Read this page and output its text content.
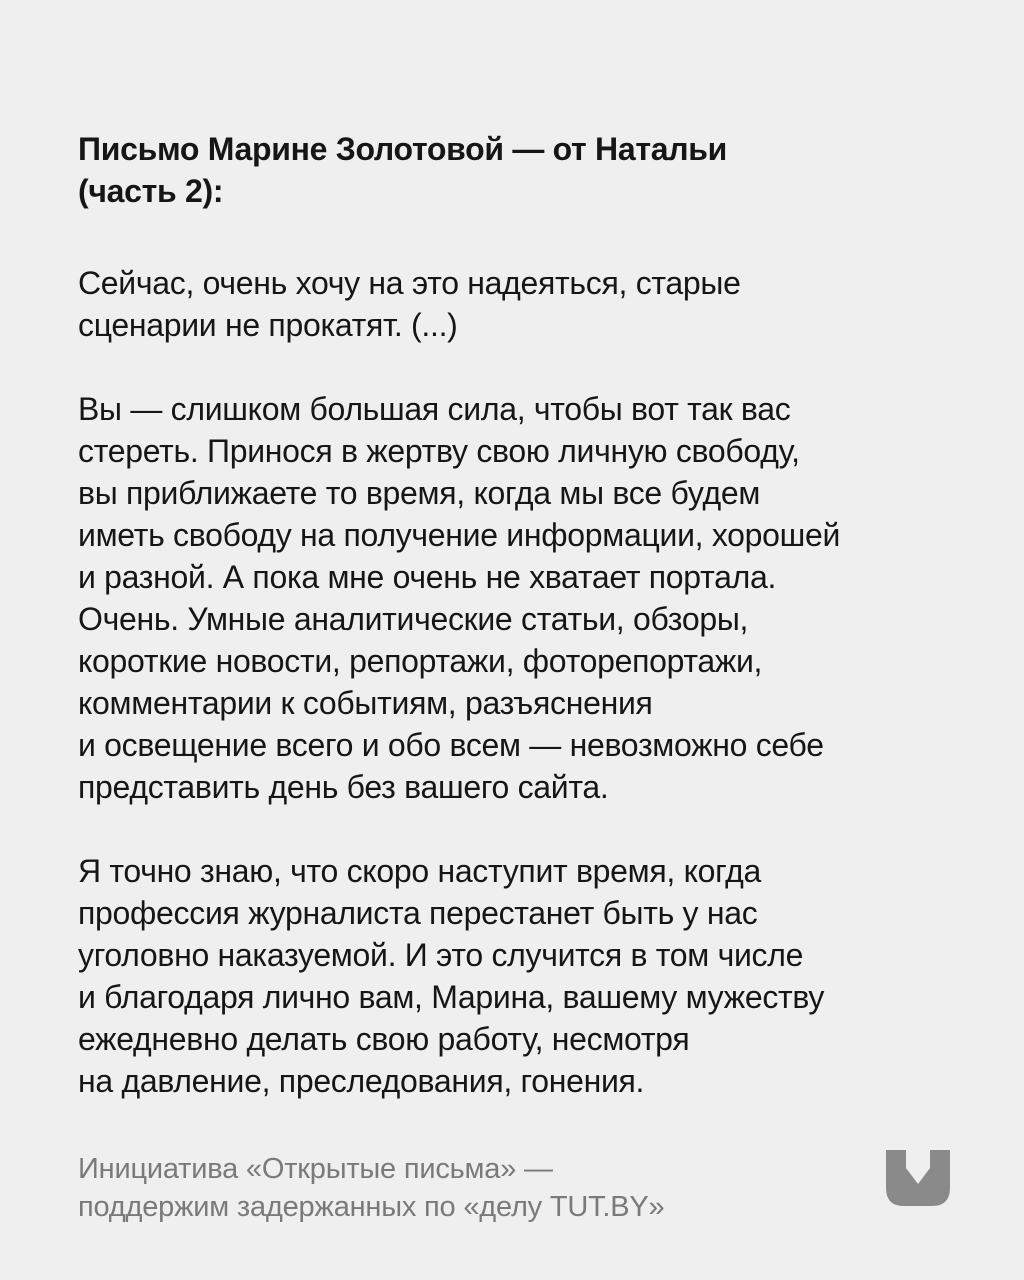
Письмо Марине Золотовой — от Натальи
(часть 2):

Сейчас, очень хочу на это надеяться, старые
сценарии не прокатят. (...)

Вы — слишком большая сила, чтобы вот так вас
стереть. Принося в жертву свою личную свободу,
вы приближаете то время, когда мы все будем
иметь свободу на получение информации, хорошей
и разной. А пока мне очень не хватает портала.
Очень. Умные аналитические статьи, обзоры,
короткие новости, репортажи, фоторепортажи,
комментарии к событиям, разъяснения
и освещение всего и обо всем — невозможно себе
представить день без вашего сайта.

Я точно знаю, что скоро наступит время, когда
профессия журналиста перестанет быть у нас
уголовно наказуемой. И это случится в том числе
и благодаря лично вам, Марина, вашему мужеству
ежедневно делать свою работу, несмотря
на давление, преследования, гонения.

Инициатива «Открытые письма» —
поддержим задержанных по «делу TUT.BY»
